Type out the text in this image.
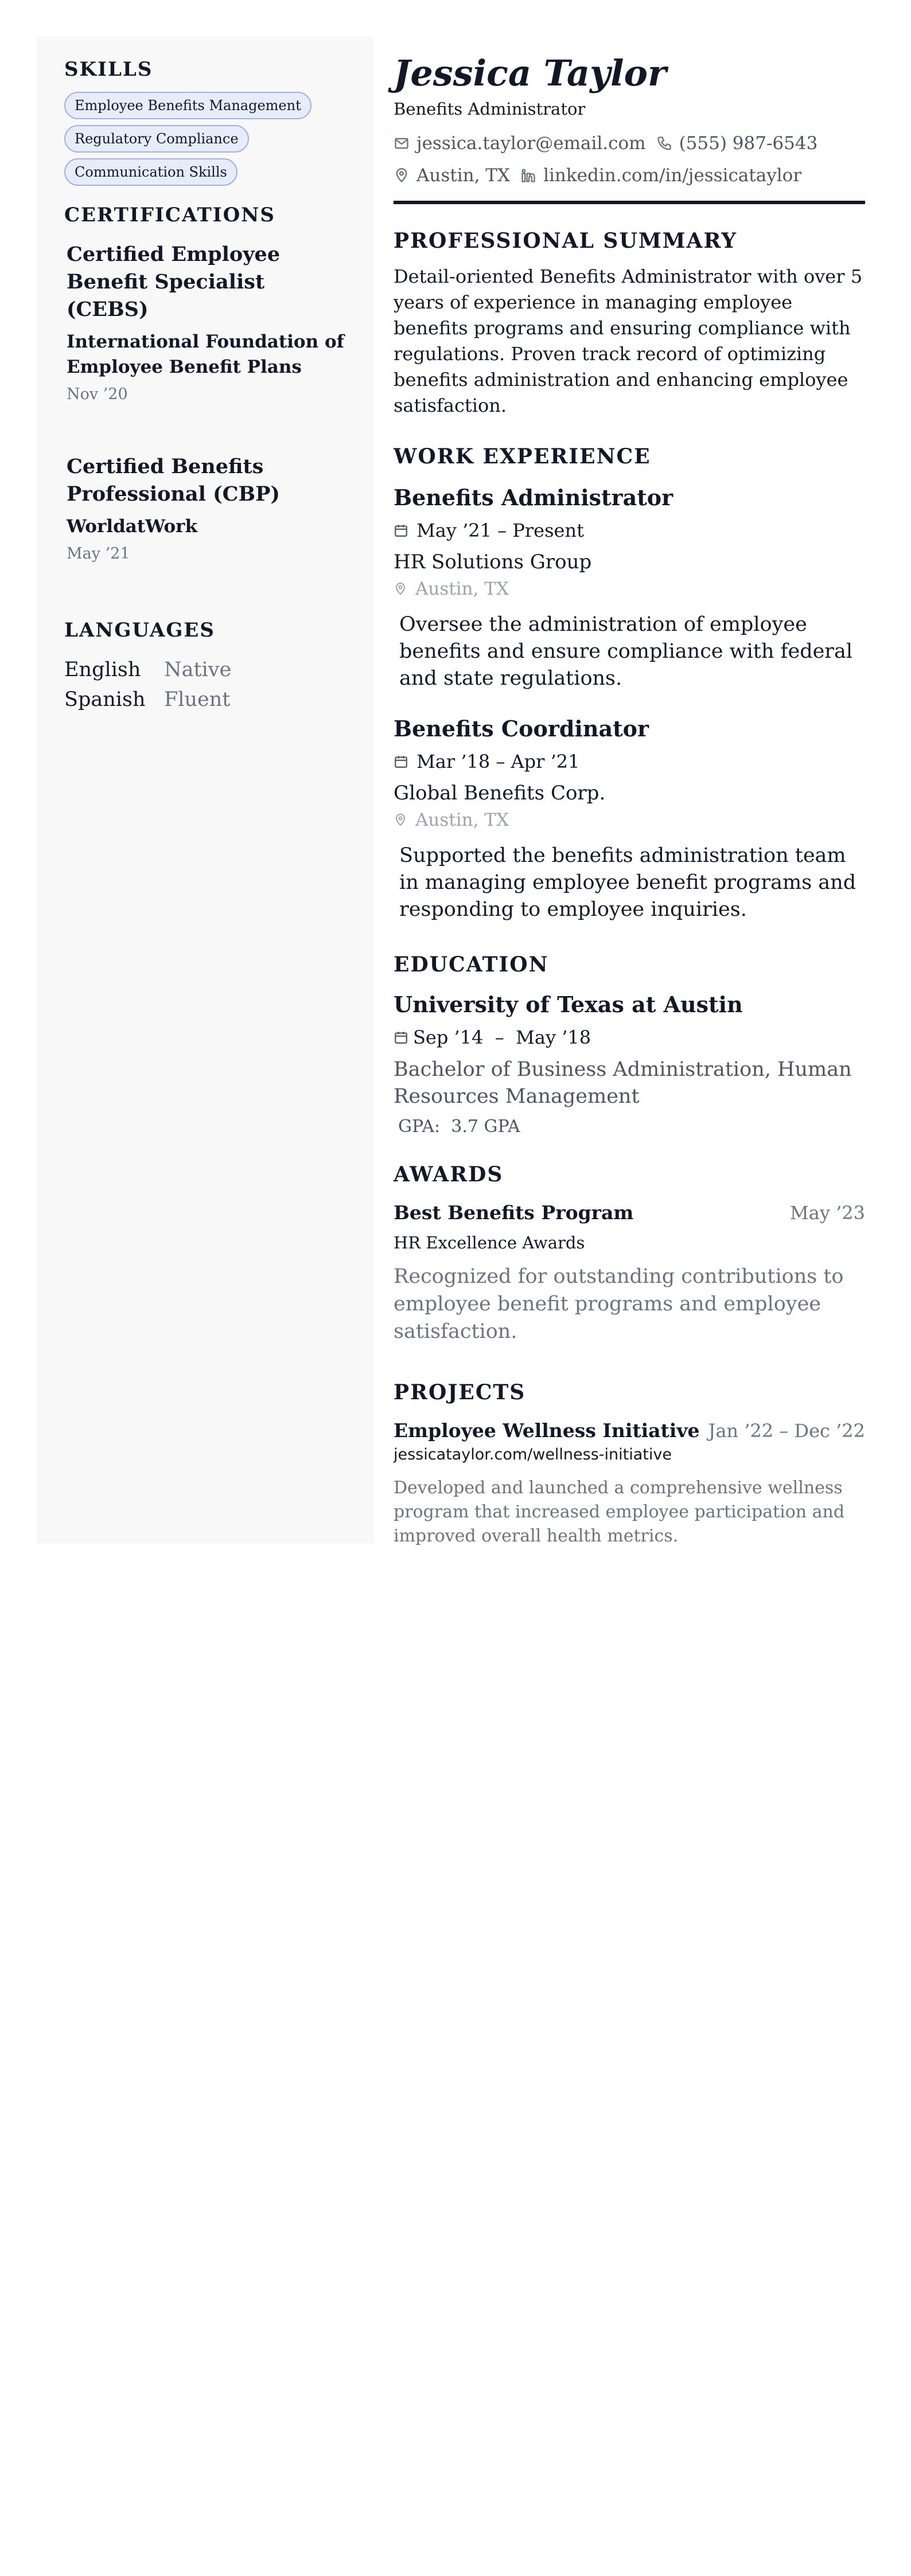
SKILLS
Employee Benefits Management
Regulatory Compliance
Communication Skills
CERTIFICATIONS
Certified Employee Benefit Specialist (CEBS)
International Foundation of Employee Benefit Plans
Nov ’20
Certified Benefits Professional (CBP)
WorldatWork
May ’21
LANGUAGES
English	Native
Spanish Fluent
Jessica Taylor
Benefits Administrator
jessica.taylor@email.com (555) 987-6543
Austin, TX linkedin.com/in/jessicataylor
PROFESSIONAL SUMMARY

Detail-oriented Benefits Administrator with over 5 years of experience in managing employee benefits programs and ensuring compliance with regulations. Proven track record of optimizing benefits administration and enhancing employee satisfaction.

WORK EXPERIENCE
Benefits Administrator
May ’21 – Present
HR Solutions Group
Austin, TX
Oversee the administration of employee benefits and ensure compliance with federal and state regulations.
Benefits Coordinator
Mar ’18 – Apr ’21
Global Benefits Corp.
Austin, TX
Supported the benefits administration team in managing employee benefit programs and responding to employee inquiries.
EDUCATION
University of Texas at Austin
Sep ’14  –  May ’18
Bachelor of Business Administration, Human Resources Management
GPA:  3.7 GPA
AWARDS
Best Benefits Program	May ’23
HR Excellence Awards
Recognized for outstanding contributions to employee benefit programs and employee satisfaction.
PROJECTS
Employee Wellness Initiative Jan ’22 – Dec ’22
jessicataylor.com/wellness-initiative
Developed and launched a comprehensive wellness program that increased employee participation and improved overall health metrics.
